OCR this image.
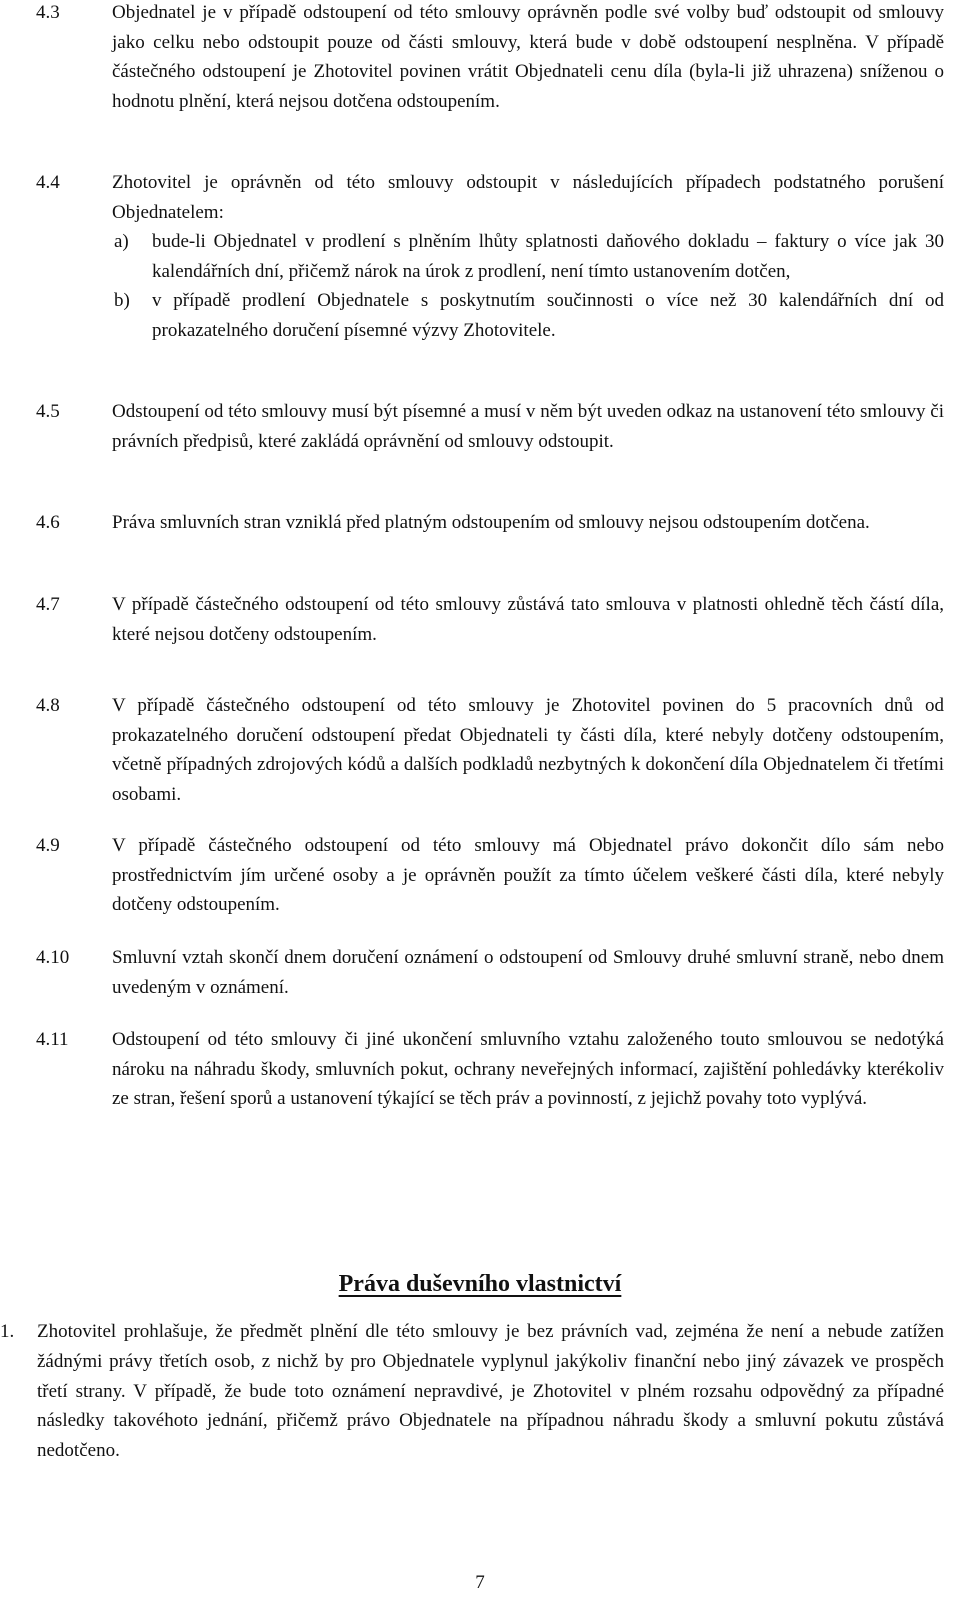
4.3	Objednatel je v případě odstoupení od této smlouvy oprávněn podle své volby buď odstoupit od smlouvy jako celku nebo odstoupit pouze od části smlouvy, která bude v době odstoupení nesplněna. V případě částečného odstoupení je Zhotovitel povinen vrátit Objednateli cenu díla (byla-li již uhrazena) sníženou o hodnotu plnění, která nejsou dotčena odstoupením.
4.4	Zhotovitel je oprávněn od této smlouvy odstoupit v následujících případech podstatného porušení Objednatelem:
a) bude-li Objednatel v prodlení s plněním lhůty splatnosti daňového dokladu – faktury o více jak 30 kalendářních dní, přičemž nárok na úrok z prodlení, není tímto ustanovením dotčen,
b) v případě prodlení Objednatele s poskytnutím součinnosti o více než 30 kalendářních dní od prokazatelného doručení písemné výzvy Zhotovitele.
4.5	Odstoupení od této smlouvy musí být písemné a musí v něm být uveden odkaz na ustanovení této smlouvy či právních předpisů, které zakládá oprávnění od smlouvy odstoupit.
4.6	Práva smluvních stran vzniklá před platným odstoupením od smlouvy nejsou odstoupením dotčena.
4.7	V případě částečného odstoupení od této smlouvy zůstává tato smlouva v platnosti ohledně těch částí díla, které nejsou dotčeny odstoupením.
4.8	V případě částečného odstoupení od této smlouvy je Zhotovitel povinen do 5 pracovních dnů od prokazatelného doručení odstoupení předat Objednateli ty části díla, které nebyly dotčeny odstoupením, včetně případných zdrojových kódů a dalších podkladů nezbytných k dokončení díla Objednatelem či třetími osobami.
4.9	V případě částečného odstoupení od této smlouvy má Objednatel právo dokončit dílo sám nebo prostřednictvím jím určené osoby a je oprávněn použít za tímto účelem veškeré části díla, které nebyly dotčeny odstoupením.
4.10	Smluvní vztah skončí dnem doručení oznámení o odstoupení od Smlouvy druhé smluvní straně, nebo dnem uvedeným v oznámení.
4.11	Odstoupení od této smlouvy či jiné ukončení smluvního vztahu založeného touto smlouvou se nedotýká nároku na náhradu škody, smluvních pokut, ochrany neveřejných informací, zajištění pohledávky kterékoliv ze stran, řešení sporů a ustanovení týkající se těch práv a povinností, z jejichž povahy toto vyplývá.
Práva duševního vlastnictví
1. Zhotovitel prohlašuje, že předmět plnění dle této smlouvy je bez právních vad, zejména že není a nebude zatížen žádnými právy třetích osob, z nichž by pro Objednatele vyplynul jakýkoliv finanční nebo jiný závazek ve prospěch třetí strany. V případě, že bude toto oznámení nepravdivé, je Zhotovitel v plném rozsahu odpovědný za případné následky takovéhoto jednání, přičemž právo Objednatele na případnou náhradu škody a smluvní pokutu zůstává nedotčeno.
7
